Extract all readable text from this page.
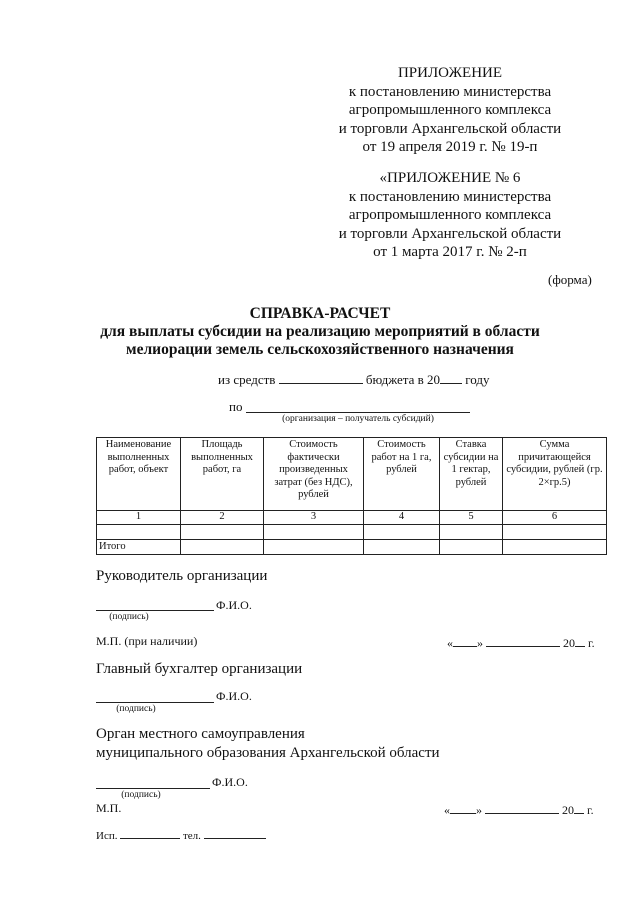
ПРИЛОЖЕНИЕ
к постановлению министерства
агропромышленного комплекса
и торговли Архангельской области
от 19 апреля 2019 г. № 19-п
«ПРИЛОЖЕНИЕ № 6
к постановлению министерства
агропромышленного комплекса
и торговли Архангельской области
от 1 марта 2017 г. № 2-п
(форма)
СПРАВКА-РАСЧЕТ
для выплаты субсидии на реализацию мероприятий в области
мелиорации земель сельскохозяйственного назначения
из средств	бюджета в 20 году
по
(организация – получатель субсидий)
Наименование выполненных работ, объект	Площадь выполненных работ, га	Стоимость фактически произведенных затрат (без НДС), рублей	Стоимость работ на 1 га, рублей	Ставка субсидии на 1 гектар, рублей	Сумма причитающейся субсидии, рублей (гр. 2×гр.5)
1	2	3	4	5	6

Итого					
Руководитель организации
Ф.И.О.
(подпись)
М.П. (при наличии)	« »	20 г.
Главный бухгалтер организации
Ф.И.О.
(подпись)
Орган местного самоуправления
муниципального образования Архангельской области
Ф.И.О.
(подпись)
М.П.	« »	20 г.
Исп.	тел.
